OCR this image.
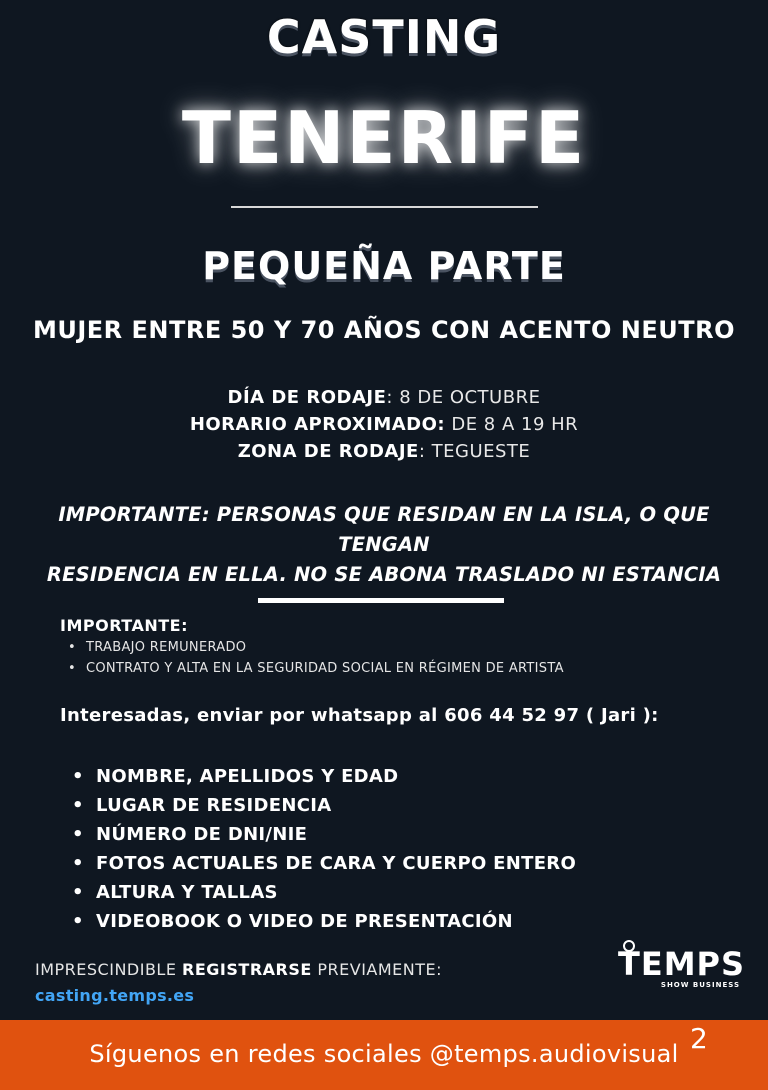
CASTING
TENERIFE
PEQUEÑA PARTE
MUJER ENTRE 50 Y 70 AÑOS CON ACENTO NEUTRO
DÍA DE RODAJE: 8 DE OCTUBRE
HORARIO APROXIMADO: DE 8 A 19 HR
ZONA DE RODAJE: TEGUESTE
IMPORTANTE: PERSONAS QUE RESIDAN EN LA ISLA, O QUE TENGAN
RESIDENCIA EN ELLA. NO SE ABONA TRASLADO NI ESTANCIA
IMPORTANTE:
• TRABAJO REMUNERADO
• CONTRATO Y ALTA EN LA SEGURIDAD SOCIAL EN RÉGIMEN DE ARTISTA
Interesadas, enviar por whatsapp al 606 44 52 97 ( Jari ):
• NOMBRE, APELLIDOS Y EDAD
• LUGAR DE RESIDENCIA
• NÚMERO DE DNI/NIE
• FOTOS ACTUALES DE CARA Y CUERPO ENTERO
• ALTURA Y TALLAS
• VIDEOBOOK O VIDEO DE PRESENTACIÓN
IMPRESCINDIBLE REGISTRARSE PREVIAMENTE:
casting.temps.es
TEMPS
SHOW BUSINESS
Síguenos en redes sociales @temps.audiovisual 2
